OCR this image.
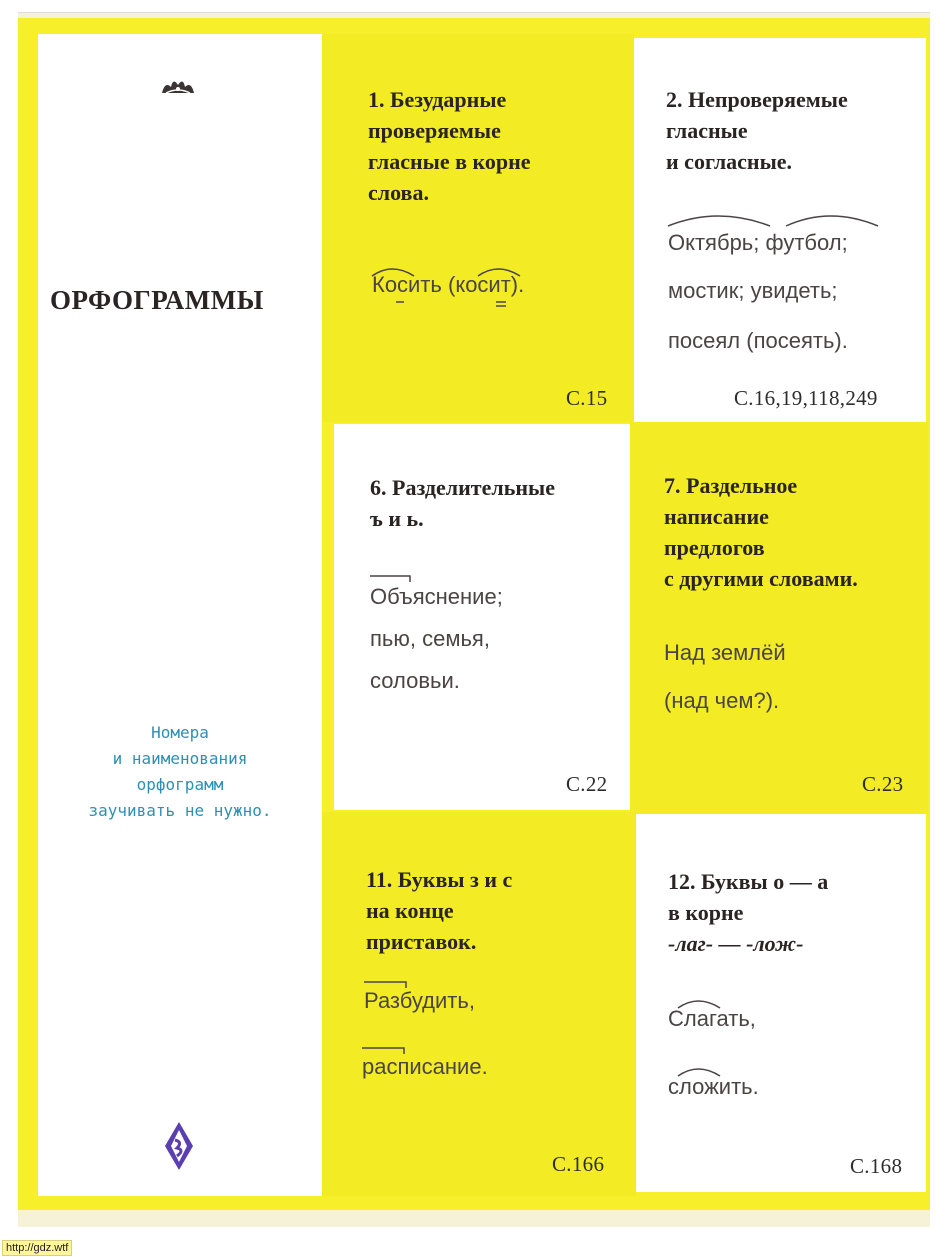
ОРФОГРАММЫ
Номера
и наименования
орфограмм
заучивать не нужно.
1. Безударные
проверяемые
гласные в корне
слова.
Косить (косит).
С.15
2. Непроверяемые
гласные
и согласные.
Октябрь; футбол;
мостик; увидеть;
посеял (посеять).
С.16,19,118,249
6. Разделительные
ъ и ь.
Объяснение;
пью, семья,
соловьи.
С.22
7. Раздельное
написание
предлогов
с другими словами.
Над землёй
(над чем?).
С.23
11. Буквы з и с
на конце
приставок.
Разбудить,
расписание.
С.166
12. Буквы о — а
в корне
-лаг- — -лож-
Слагать,
сложить.
С.168
http://gdz.wtf
